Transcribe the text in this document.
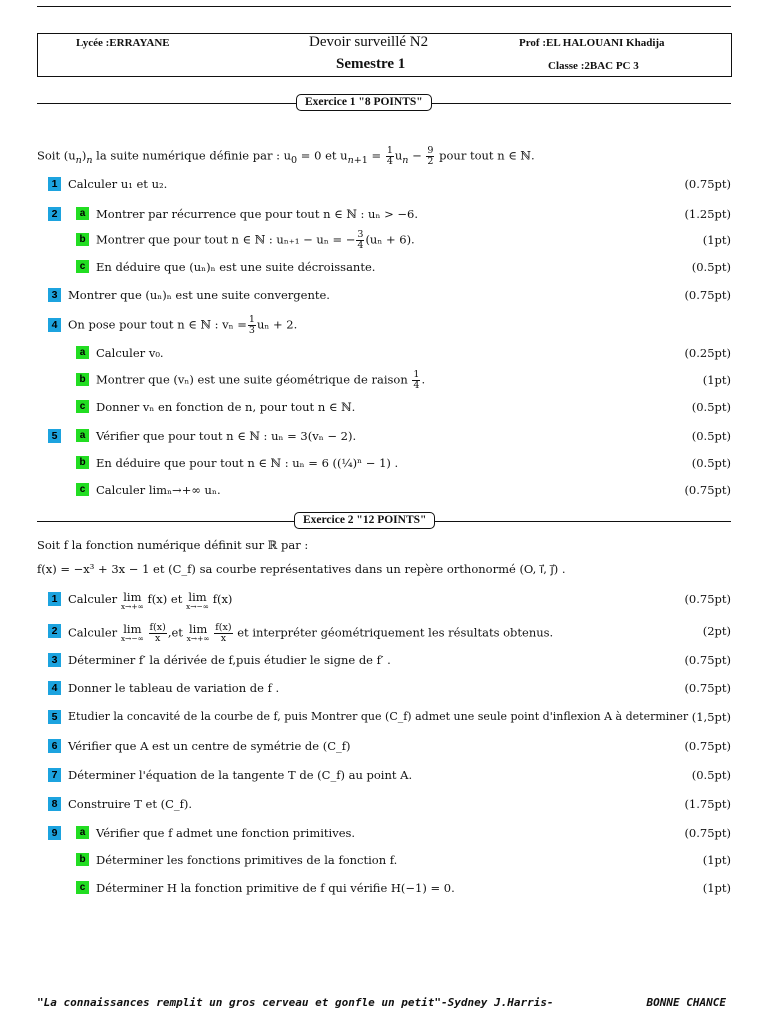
Lycée :ERRAYANE	Devoir surveillé N2
Semestre 1
Prof :EL HALOUANI Khadija
Classe :2BAC PC 3
Exercice 1 "8 POINTS"
Soit $(u_n)_n$ la suite numérique définie par : $u_0 = 0$ et $u_{n+1} = \frac{1}{4} u_n - \frac{9}{2}$ pour tout n ∈ ℕ.
1 Calculer u₁ et u₂.	(0.75pt)
2	a Montrer par récurrence que pour tout n ∈ ℕ : uₙ > −6.	(1.25pt)
b Montrer que pour tout n ∈ ℕ : uₙ₊₁ − uₙ = − $\frac{3}{4} (u_n + 6)$.	(1pt)
c En déduire que (uₙ)ₙ est une suite décroissante.	(0.5pt)
3 Montrer que (uₙ)ₙ est une suite convergente.	(0.75pt)
4 On pose pour tout n ∈ ℕ : $v_n = \frac{1}{3}$ uₙ + 2.
a Calculer v₀.	(0.25pt)
b Montrer que (vₙ) est une suite géométrique de raison $\frac{1}{4}$ .	(1pt)
c Donner vₙ en fonction de n, pour tout n ∈ ℕ.	(0.5pt)
5	a Vérifier que pour tout n ∈ ℕ : uₙ = 3(vₙ − 2).	(0.5pt)
b En déduire que pour tout n ∈ ℕ : uₙ = 6 ((¼)ⁿ − 1) .	(0.5pt)
c Calculer limₙ→+∞ uₙ.	(0.75pt)
Exercice 2 "12 POINTS"
Soit f la fonction numérique définit sur ℝ par :
f(x) = −x³ + 3x − 1 et (C_f) sa courbe représentatives dans un repère orthonormé (O, i⃗, j⃗) .
1 Calculer lim
x→+∞
f(x) et lim
x→−∞
f(x)	(0.75pt)
2 Calculer lim
x→−∞
$\frac{f(x)}{x} ,et$ lim
x→+∞
$\frac{f(x)}{x}$ et interpréter géométriquement les résultats obtenus.	(2pt)
3 Déterminer f′ la dérivée de f,puis étudier le signe de f′ .	(0.75pt)
4 Donner le tableau de variation de f .	(0.75pt)
5 Etudier la concavité de la courbe de f, puis Montrer que (C_f) admet une seule point d'inflexion A à determiner (1,5pt)
6 Vérifier que A est un centre de symétrie de (C_f)	(0.75pt)
7 Déterminer l'équation de la tangente T de (C_f) au point A.	(0.5pt)
8 Construire T et (C_f).	(1.75pt)
9	a Vérifier que f admet une fonction primitives.	(0.75pt)
b Déterminer les fonctions primitives de la fonction f.	(1pt)
c Déterminer H la fonction primitive de f qui vérifie H(−1) = 0.	(1pt)
"La connaissances remplit un gros cerveau et gonfle un petit"-Sydney J.Harris-	BONNE CHANCE
